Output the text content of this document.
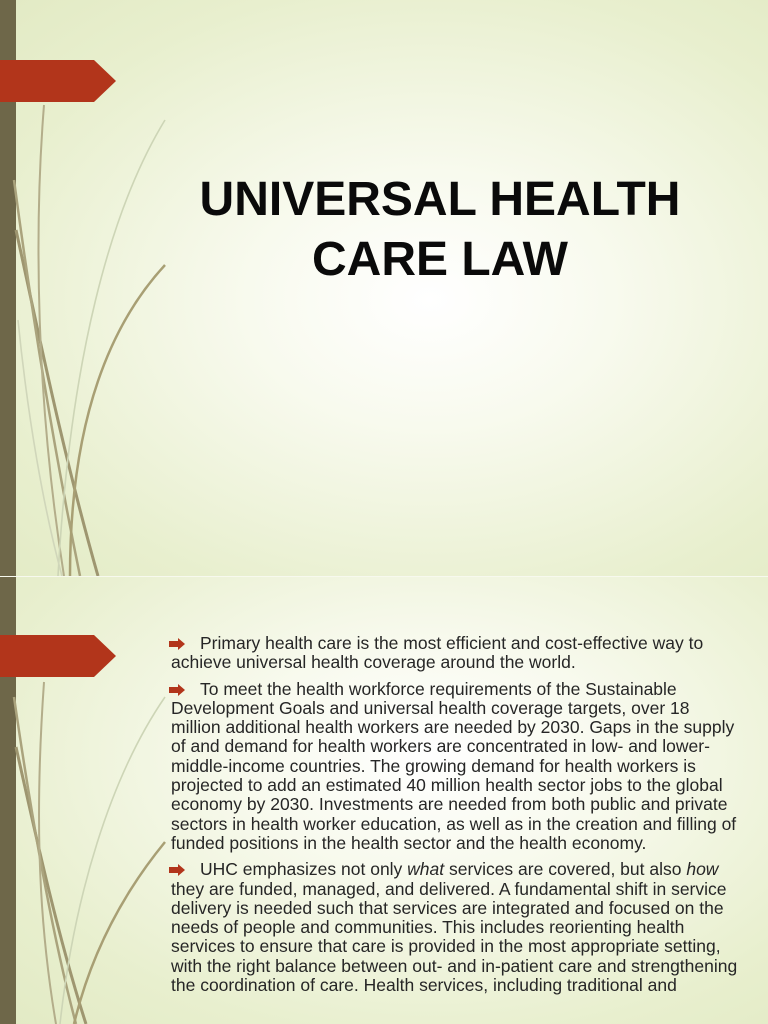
UNIVERSAL HEALTH
CARE LAW
Primary health care is the most efficient and cost-effective way to achieve universal health coverage around the world.
To meet the health workforce requirements of the Sustainable Development Goals and universal health coverage targets, over 18 million additional health workers are needed by 2030. Gaps in the supply of and demand for health workers are concentrated in low- and lower-middle-income countries. The growing demand for health workers is projected to add an estimated 40 million health sector jobs to the global economy by 2030. Investments are needed from both public and private sectors in health worker education, as well as in the creation and filling of funded positions in the health sector and the health economy.
UHC emphasizes not only what services are covered, but also how they are funded, managed, and delivered. A fundamental shift in service delivery is needed such that services are integrated and focused on the needs of people and communities. This includes reorienting health services to ensure that care is provided in the most appropriate setting, with the right balance between out- and in-patient care and strengthening the coordination of care. Health services, including traditional and
